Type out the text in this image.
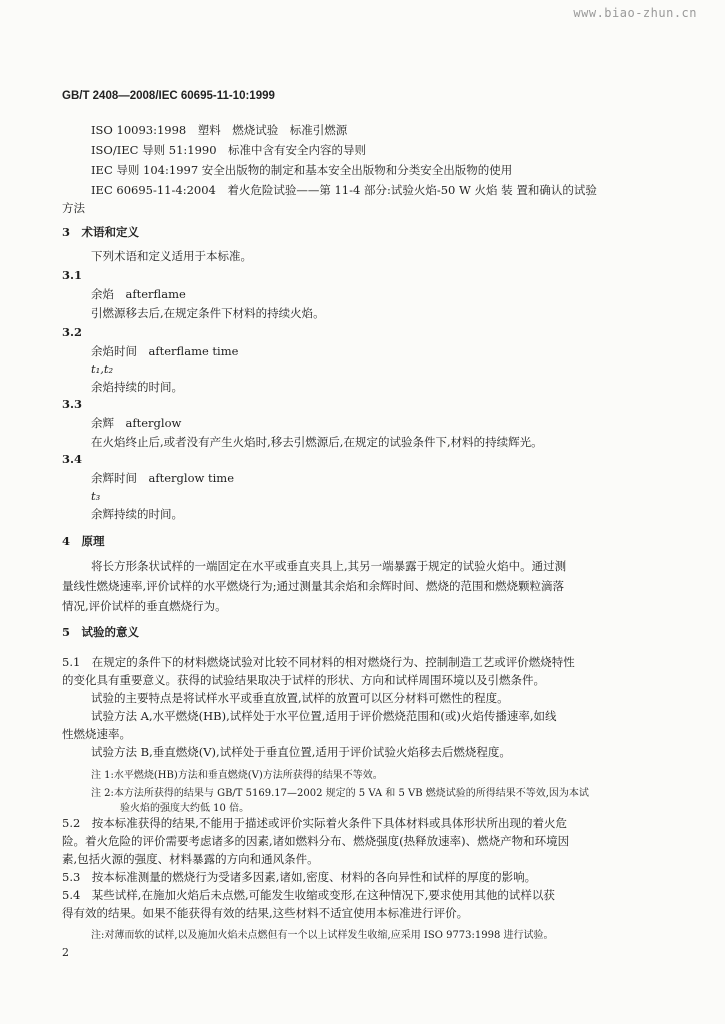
www.biao-zhun.cn
GB/T 2408—2008/IEC 60695-11-10:1999
ISO 10093:1998　塑料　燃烧试验　标准引燃源
ISO/IEC 导则 51:1990　标准中含有安全内容的导则
IEC 导则 104:1997 安全出版物的制定和基本安全出版物和分类安全出版物的使用
IEC 60695-11-4:2004　着火危险试验——第 11-4 部分:试验火焰-50 W 火焰 装 置和确认的试验
方法
3　术语和定义
下列术语和定义适用于本标准。
3.1
余焰　afterflame
引燃源移去后,在规定条件下材料的持续火焰。
3.2
余焰时间　afterflame time
t₁,t₂
余焰持续的时间。
3.3
余辉　afterglow
在火焰终止后,或者没有产生火焰时,移去引燃源后,在规定的试验条件下,材料的持续辉光。
3.4
余辉时间　afterglow time
t₃
余辉持续的时间。
4　原理
将长方形条状试样的一端固定在水平或垂直夹具上,其另一端暴露于规定的试验火焰中。通过测
量线性燃烧速率,评价试样的水平燃烧行为;通过测量其余焰和余辉时间、燃烧的范围和燃烧颗粒滴落
情况,评价试样的垂直燃烧行为。
5　试验的意义
5.1　在规定的条件下的材料燃烧试验对比较不同材料的相对燃烧行为、控制制造工艺或评价燃烧特性
的变化具有重要意义。获得的试验结果取决于试样的形状、方向和试样周围环境以及引燃条件。
试验的主要特点是将试样水平或垂直放置,试样的放置可以区分材料可燃性的程度。
试验方法 A,水平燃烧(HB),试样处于水平位置,适用于评价燃烧范围和(或)火焰传播速率,如线
性燃烧速率。
试验方法 B,垂直燃烧(V),试样处于垂直位置,适用于评价试验火焰移去后燃烧程度。
注 1:水平燃烧(HB)方法和垂直燃烧(V)方法所获得的结果不等效。
注 2:本方法所获得的结果与 GB/T 5169.17—2002 规定的 5 VA 和 5 VB 燃烧试验的所得结果不等效,因为本试
验火焰的强度大约低 10 倍。
5.2　按本标准获得的结果,不能用于描述或评价实际着火条件下具体材料或具体形状所出现的着火危
险。着火危险的评价需要考虑诸多的因素,诸如燃料分布、燃烧强度(热释放速率)、燃烧产物和环境因
素,包括火源的强度、材料暴露的方向和通风条件。
5.3　按本标准测量的燃烧行为受诸多因素,诸如,密度、材料的各向异性和试样的厚度的影响。
5.4　某些试样,在施加火焰后未点燃,可能发生收缩或变形,在这种情况下,要求使用其他的试样以获
得有效的结果。如果不能获得有效的结果,这些材料不适宜使用本标准进行评价。
注:对薄而软的试样,以及施加火焰未点燃但有一个以上试样发生收缩,应采用 ISO 9773:1998 进行试验。
2
